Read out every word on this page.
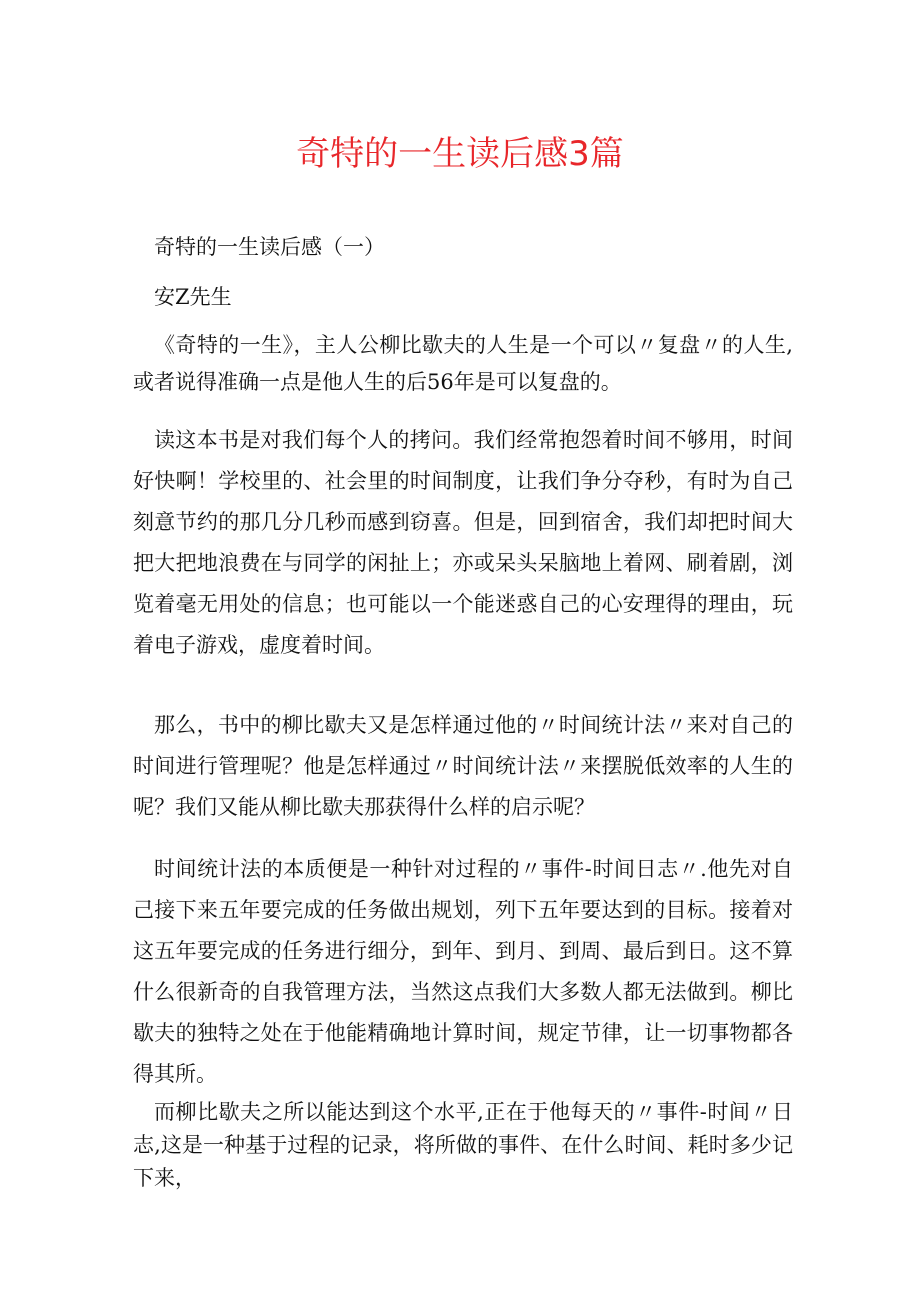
奇特的一生读后感3篇

奇特的一生读后感（一）

安Z先生

《奇特的一生》，主人公柳比歇夫的人生是一个可以〃复盘〃的人生,或者说得准确一点是他人生的后56年是可以复盘的。

读这本书是对我们每个人的拷问。我们经常抱怨着时间不够用，时间好快啊！学校里的、社会里的时间制度，让我们争分夺秒，有时为自己刻意节约的那几分几秒而感到窃喜。但是，回到宿舍，我们却把时间大把大把地浪费在与同学的闲扯上；亦或呆头呆脑地上着网、刷着剧，浏览着毫无用处的信息；也可能以一个能迷惑自己的心安理得的理由，玩着电子游戏，虚度着时间。

那么，书中的柳比歇夫又是怎样通过他的〃时间统计法〃来对自己的时间进行管理呢？他是怎样通过〃时间统计法〃来摆脱低效率的人生的呢？我们又能从柳比歇夫那获得什么样的启示呢？

时间统计法的本质便是一种针对过程的〃事件-时间日志〃.他先对自己接下来五年要完成的任务做出规划，列下五年要达到的目标。接着对这五年要完成的任务进行细分，到年、到月、到周、最后到日。这不算什么很新奇的自我管理方法，当然这点我们大多数人都无法做到。柳比歇夫的独特之处在于他能精确地计算时间，规定节律，让一切事物都各得其所。

而柳比歇夫之所以能达到这个水平,正在于他每天的〃事件-时间〃日志,这是一种基于过程的记录，将所做的事件、在什么时间、耗时多少记下来，
